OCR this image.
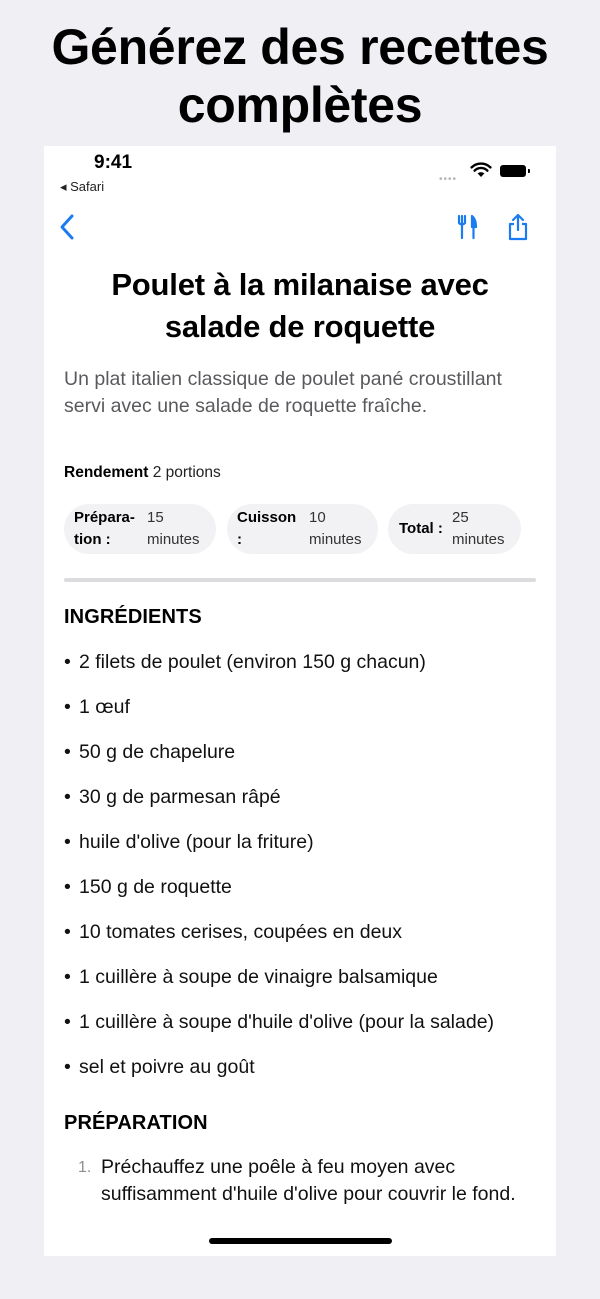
Générez des recettes
complètes
9:41
◂ Safari	••••
Poulet à la milanaise avec
salade de roquette
Un plat italien classique de poulet pané croustillant servi avec une salade de roquette fraîche.
Rendement 2 portions
Prépara-
tion :
15
minutes
Cuisson
:
10
minutes
Total :
25
minutes
INGRÉDIENTS
• 2 filets de poulet (environ 150 g chacun)
• 1 œuf
• 50 g de chapelure
• 30 g de parmesan râpé
• huile d'olive (pour la friture)
• 150 g de roquette
• 10 tomates cerises, coupées en deux
• 1 cuillère à soupe de vinaigre balsamique
• 1 cuillère à soupe d'huile d'olive (pour la salade)
• sel et poivre au goût
PRÉPARATION
1. Préchauffez une poêle à feu moyen avec suffisamment d'huile d'olive pour couvrir le fond.
